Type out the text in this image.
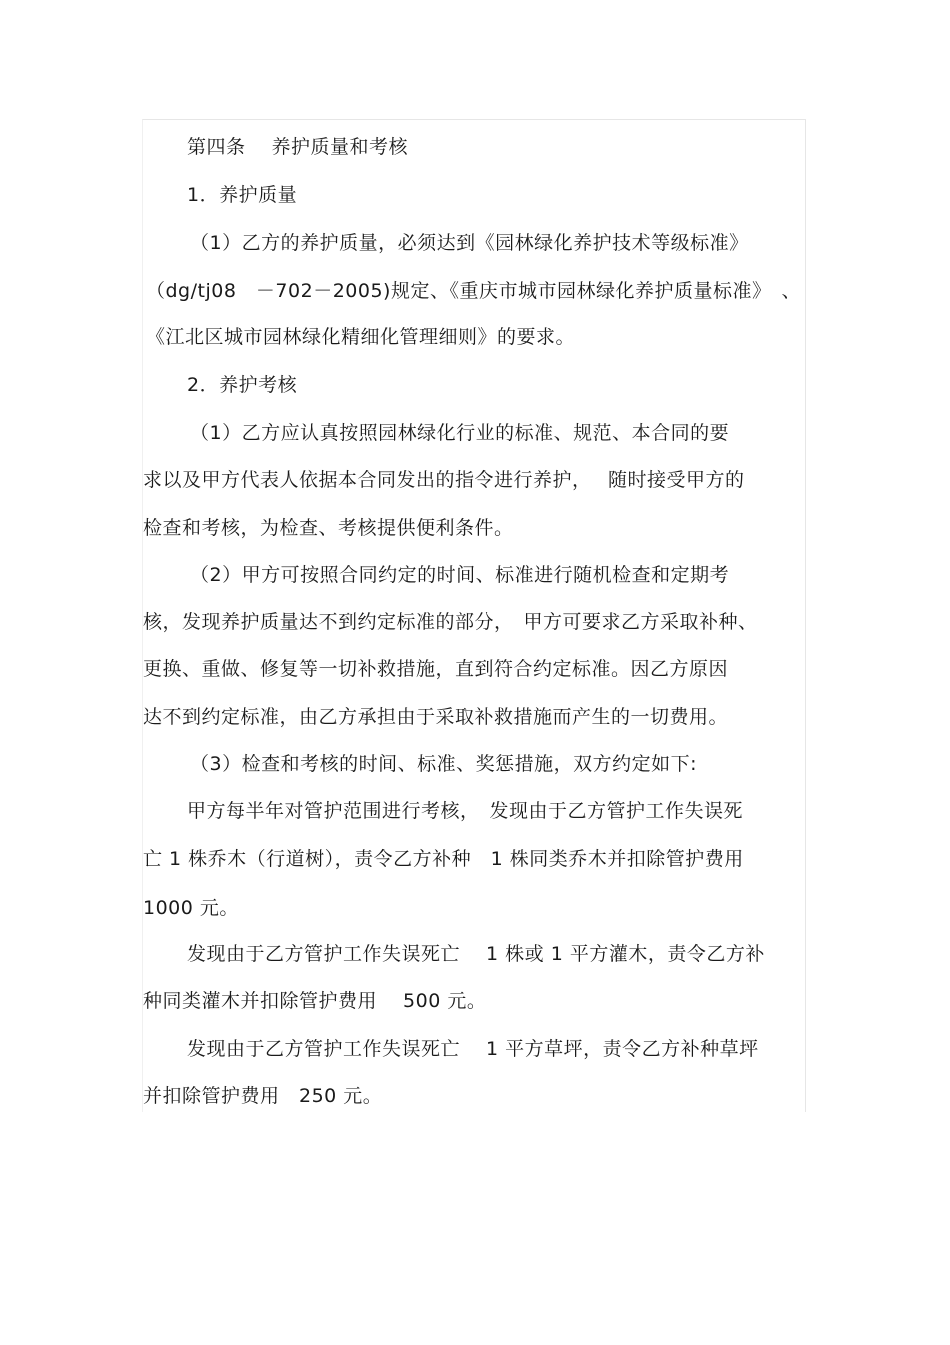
第四条　 养护质量和考核
1．养护质量
（1）乙方的养护质量，必须达到《园林绿化养护技术等级标准》
（dg/tj08　－702－2005)规定、《重庆市城市园林绿化养护质量标准》　、
《江北区城市园林绿化精细化管理细则》的要求。
2．养护考核
（1）乙方应认真按照园林绿化行业的标准、规范、本合同的要
求以及甲方代表人依据本合同发出的指令进行养护，　 随时接受甲方的
检查和考核，为检查、考核提供便利条件。
（2）甲方可按照合同约定的时间、标准进行随机检查和定期考
核，发现养护质量达不到约定标准的部分，　甲方可要求乙方采取补种、
更换、重做、修复等一切补救措施，直到符合约定标准。因乙方原因
达不到约定标准，由乙方承担由于采取补救措施而产生的一切费用。
（3）检查和考核的时间、标准、奖惩措施，双方约定如下:
甲方每半年对管护范围进行考核，　发现由于乙方管护工作失误死
亡 1 株乔木（行道树），责令乙方补种　1 株同类乔木并扣除管护费用
1000 元。
发现由于乙方管护工作失误死亡　 1 株或 1 平方灌木，责令乙方补
种同类灌木并扣除管护费用　 500 元。
发现由于乙方管护工作失误死亡　 1 平方草坪，责令乙方补种草坪
并扣除管护费用　250 元。
